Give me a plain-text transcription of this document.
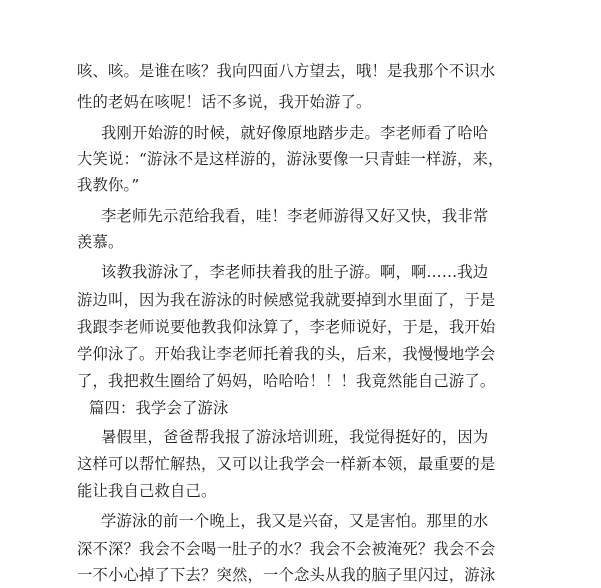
咳、咳。是谁在咳？我向四面八方望去，哦！是我那个不识水
性的老妈在咳呢！话不多说，我开始游了。
我刚开始游的时候，就好像原地踏步走。李老师看了哈哈
大笑说：“游泳不是这样游的，游泳要像一只青蛙一样游，来，
我教你。”
李老师先示范给我看，哇！李老师游得又好又快，我非常
羡慕。
该教我游泳了，李老师扶着我的肚子游。啊，啊……我边
游边叫，因为我在游泳的时候感觉我就要掉到水里面了，于是
我跟李老师说要他教我仰泳算了，李老师说好，于是，我开始
学仰泳了。开始我让李老师托着我的头，后来，我慢慢地学会
了，我把救生圈给了妈妈，哈哈哈！！！我竟然能自己游了。
篇四：我学会了游泳
暑假里，爸爸帮我报了游泳培训班，我觉得挺好的，因为
这样可以帮忙解热，又可以让我学会一样新本领，最重要的是
能让我自己救自己。
学游泳的前一个晚上，我又是兴奋，又是害怕。那里的水
深不深？我会不会喝一肚子的水？我会不会被淹死？我会不会
一不小心掉了下去？突然，一个念头从我的脑子里闪过，游泳
